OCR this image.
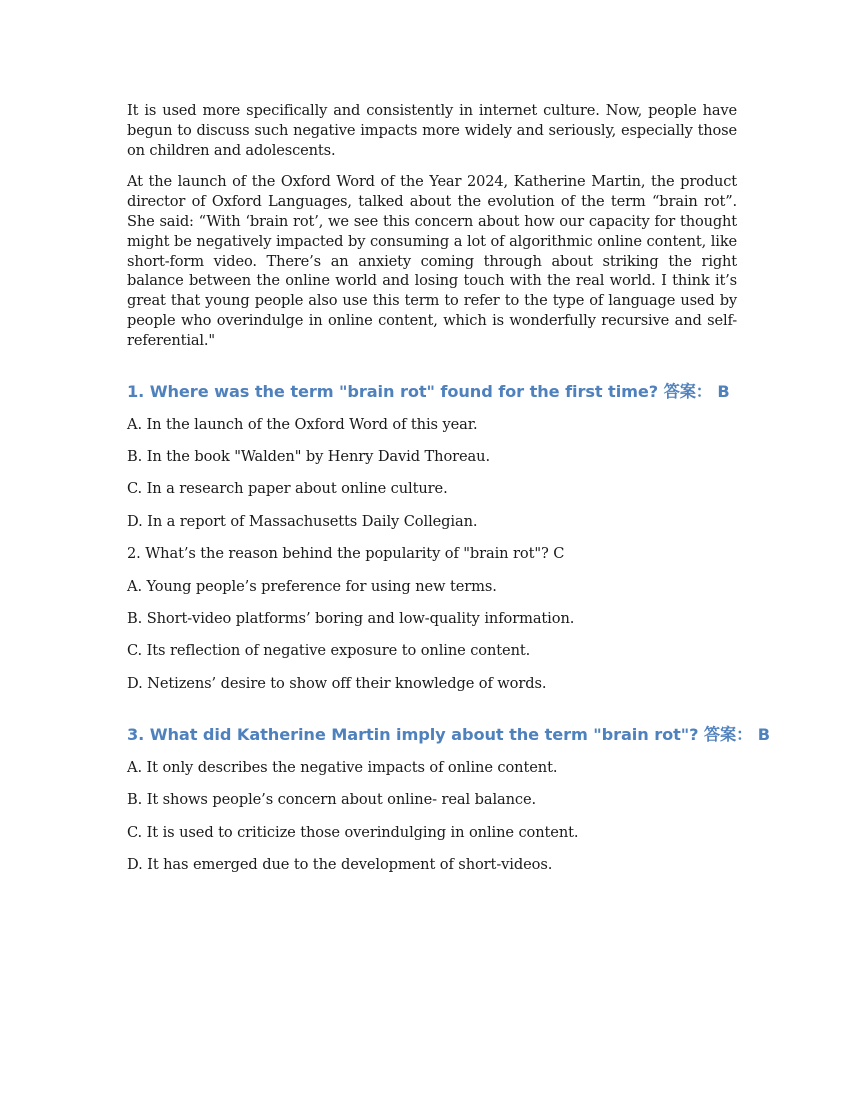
It is used more specifically and consistently in internet culture. Now, people have begun to discuss such negative impacts more widely and seriously, especially those on children and adolescents.

At the launch of the Oxford Word of the Year 2024, Katherine Martin, the product director of Oxford Languages, talked about the evolution of the term “brain rot”. She said: “With ‘brain rot’, we see this concern about how our capacity for thought might be negatively impacted by consuming a lot of algorithmic online content, like short-form video. There’s an anxiety coming through about striking the right balance between the online world and losing touch with the real world. I think it’s great that young people also use this term to refer to the type of language used by people who overindulge in online content, which is wonderfully recursive and self-referential."

1. Where was the term "brain rot" found for the first time? 答案： B
A. In the launch of the Oxford Word of this year.
B. In the book "Walden" by Henry David Thoreau.
C. In a research paper about online culture.
D. In a report of Massachusetts Daily Collegian.
2. What’s the reason behind the popularity of "brain rot"? C
A. Young people’s preference for using new terms.
B. Short-video platforms’ boring and low-quality information.
C. Its reflection of negative exposure to online content.
D. Netizens’ desire to show off their knowledge of words.
3. What did Katherine Martin imply about the term "brain rot"? 答案： B
A. It only describes the negative impacts of online content.
B. It shows people’s concern about online- real balance.
C. It is used to criticize those overindulging in online content.
D. It has emerged due to the development of short-videos.
